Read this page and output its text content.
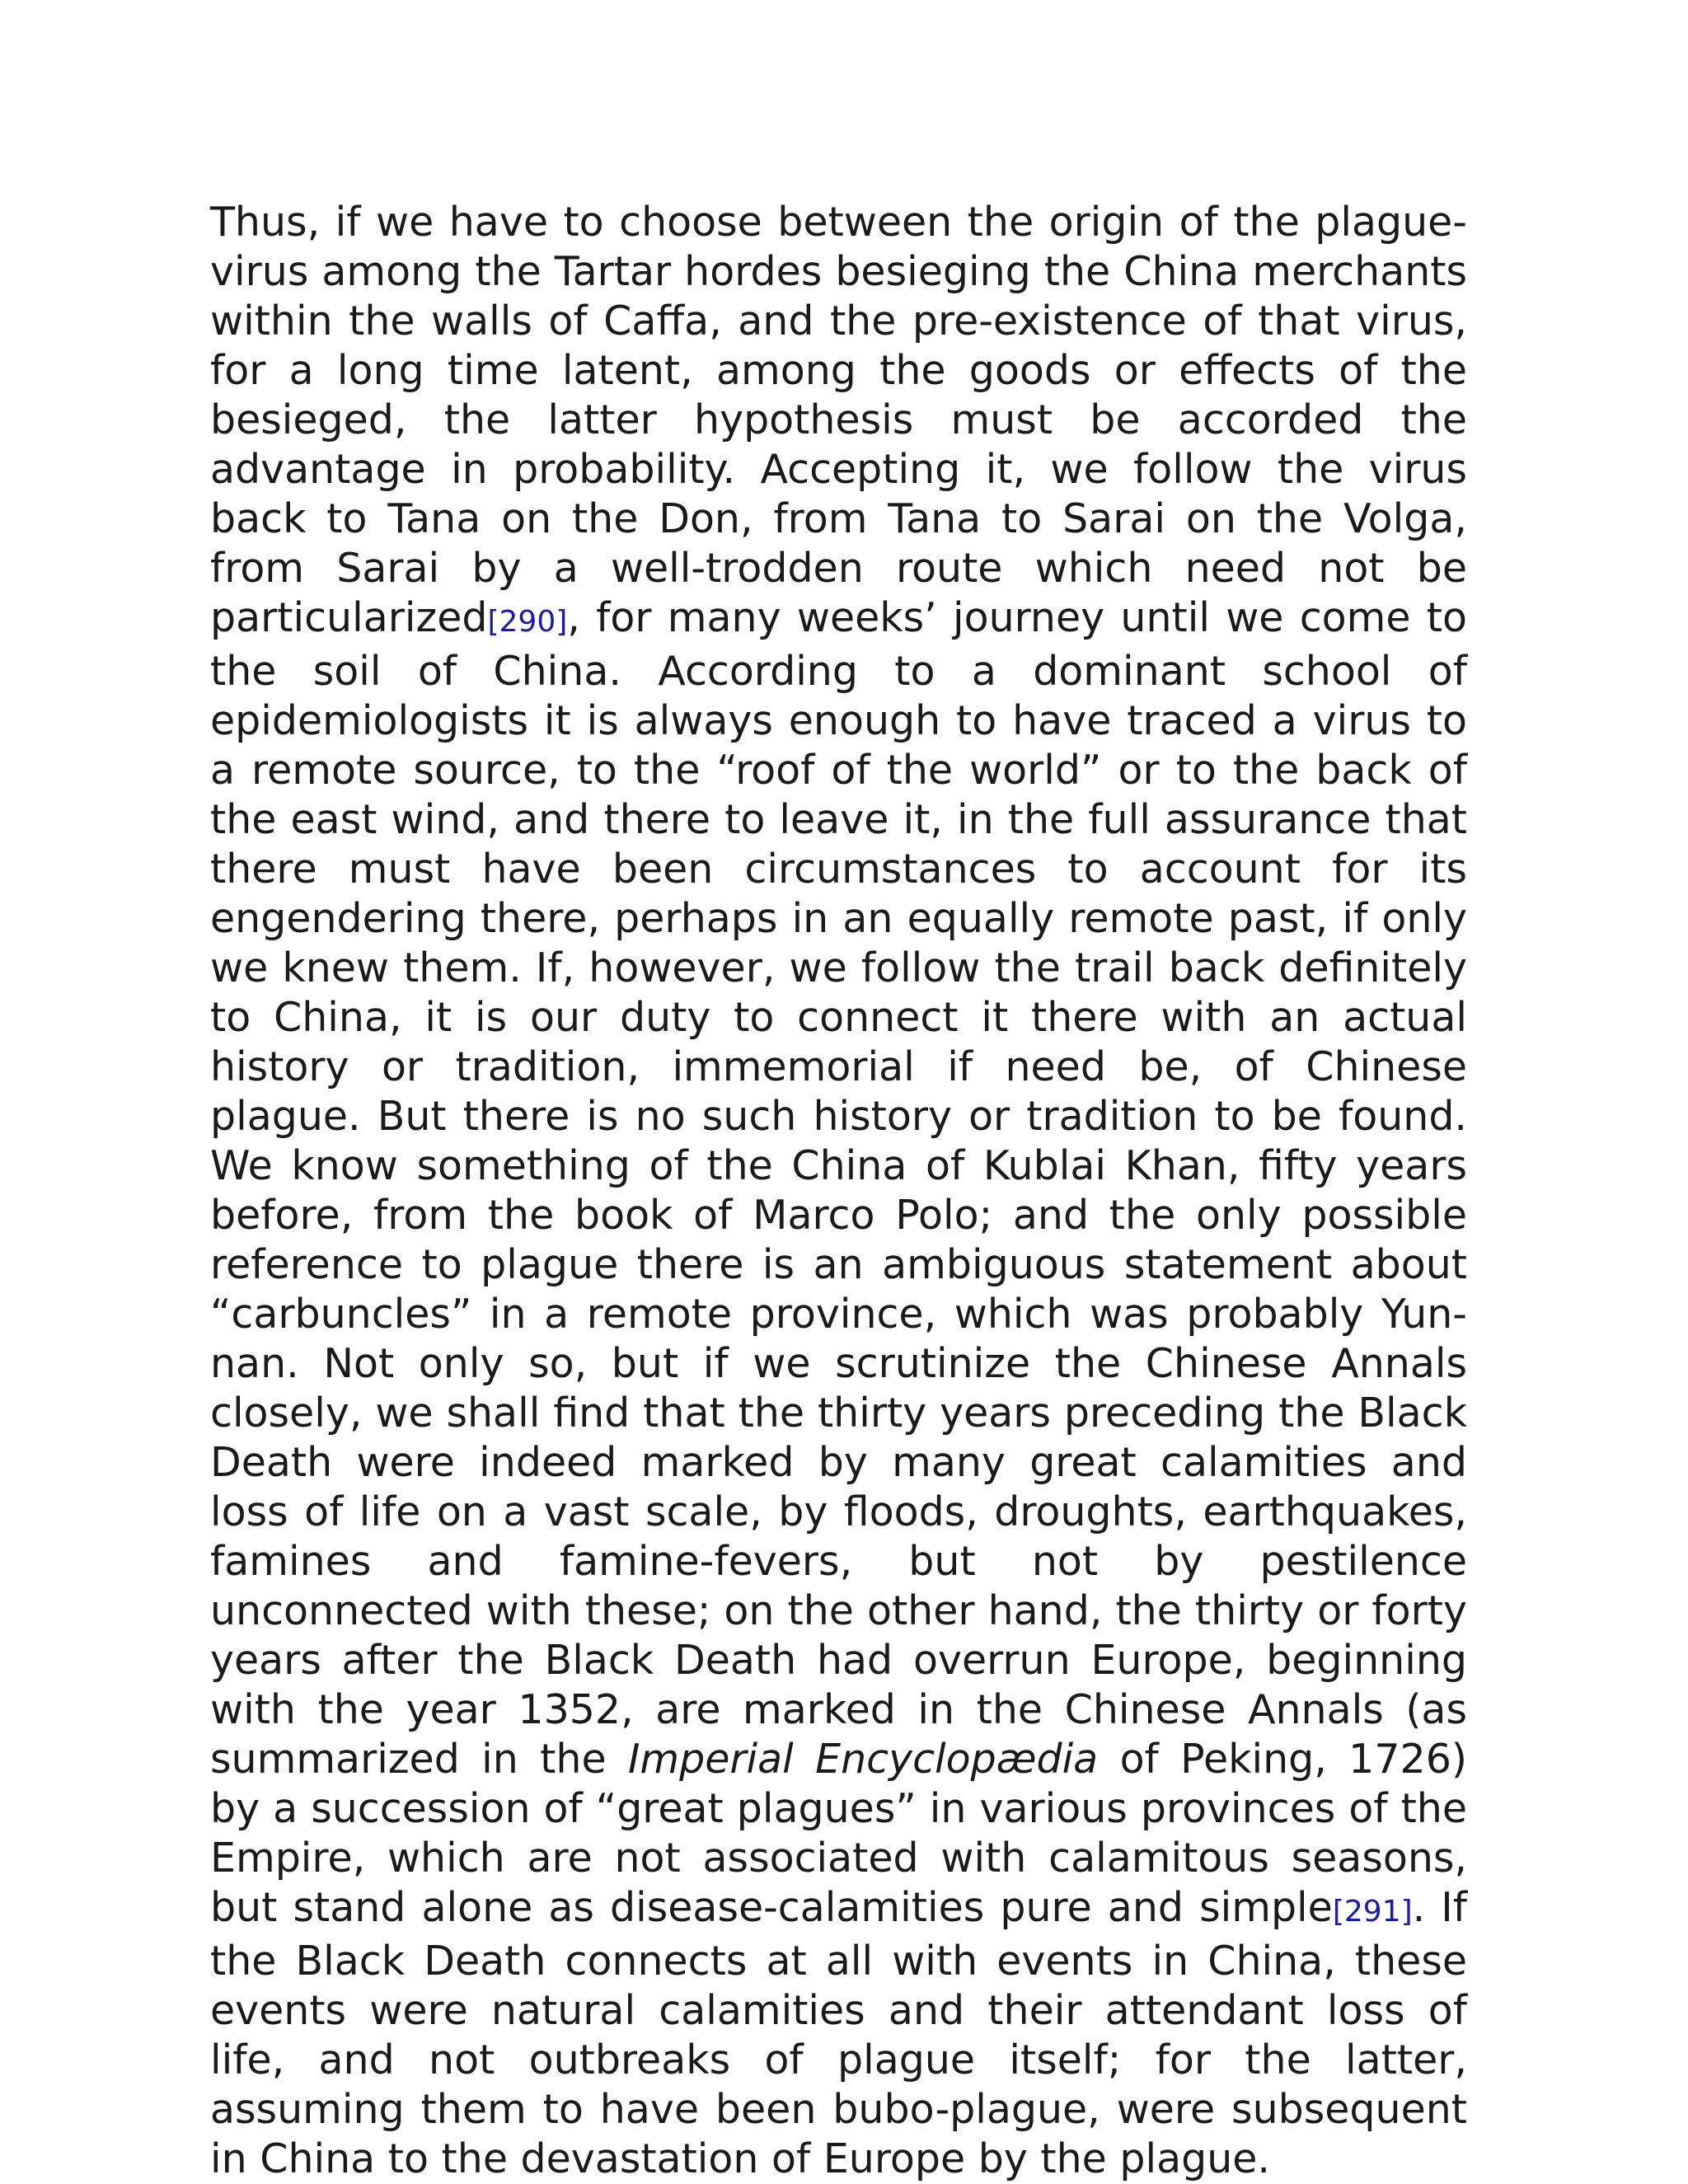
Thus, if we have to choose between the origin of the plague-virus among the Tartar hordes besieging the China merchants within the walls of Caffa, and the pre-existence of that virus, for a long time latent, among the goods or effects of the besieged, the latter hypothesis must be accorded the advantage in probability. Accepting it, we follow the virus back to Tana on the Don, from Tana to Sarai on the Volga, from Sarai by a well-trodden route which need not be particularized[290], for many weeks’ journey until we come to the soil of China. According to a dominant school of epidemiologists it is always enough to have traced a virus to a remote source, to the “roof of the world” or to the back of the east wind, and there to leave it, in the full assurance that there must have been circumstances to account for its engendering there, perhaps in an equally remote past, if only we knew them. If, however, we follow the trail back definitely to China, it is our duty to connect it there with an actual history or tradition, immemorial if need be, of Chinese plague. But there is no such history or tradition to be found. We know something of the China of Kublai Khan, fifty years before, from the book of Marco Polo; and the only possible reference to plague there is an ambiguous statement about “carbuncles” in a remote province, which was probably Yun-nan. Not only so, but if we scrutinize the Chinese Annals closely, we shall find that the thirty years preceding the Black Death were indeed marked by many great calamities and loss of life on a vast scale, by floods, droughts, earthquakes, famines and famine-fevers, but not by pestilence unconnected with these; on the other hand, the thirty or forty years after the Black Death had overrun Europe, beginning with the year 1352, are marked in the Chinese Annals (as summarized in the Imperial Encyclopædia of Peking, 1726) by a succession of “great plagues” in various provinces of the Empire, which are not associated with calamitous seasons, but stand alone as disease-calamities pure and simple[291]. If the Black Death connects at all with events in China, these events were natural calamities and their attendant loss of life, and not outbreaks of plague itself; for the latter, assuming them to have been bubo-plague, were subsequent in China to the devastation of Europe by the plague.
